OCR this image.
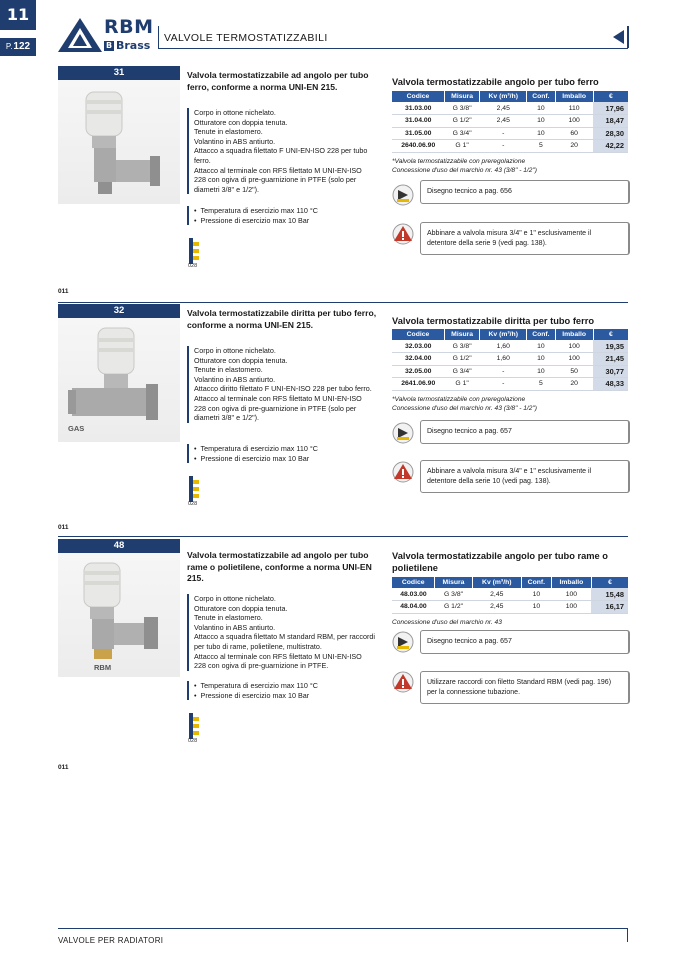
11
P.122
RBM
B Brass
VALVOLE TERMOSTATIZZABILI
31	Valvola termostatizzabile ad angolo per tubo ferro, conforme a norma UNI-EN 215.
Corpo in ottone nichelato.
Otturatore con doppia tenuta.
Tenute in elastomero.
Volantino in ABS antiurto.
Attacco a squadra filettato F UNI-EN-ISO 228 per tubo ferro.
Attacco al terminale con RFS filettato M UNI-EN-ISO 228 con ogiva di pre-guarnizione in PTFE (solo per diametri 3/8" e 1/2").
• Temperatura di esercizio max 110 °C
• Pressione di esercizio max 10 Bar
028
011
Valvola termostatizzabile angolo per tubo ferro
Codice	Misura	Kv (m³/h)	Conf.	Imballo	€
31.03.00	G 3/8"	2,45	10	110	17,96
31.04.00	G 1/2"	2,45	10	100	18,47
31.05.00	G 3/4"	-	10	60	28,30
2640.06.90	G 1"	-	5	20	42,22
*Valvola termostatizzabile con preregolazione
Concessione d'uso del marchio nr. 43 (3/8" - 1/2")
Disegno tecnico a pag. 656
Abbinare a valvola misura 3/4" e 1" esclusivamente il detentore della serie 9 (vedi pag. 138).
32
GAS
Valvola termostatizzabile diritta per tubo ferro, conforme a norma UNI-EN 215.
Corpo in ottone nichelato.
Otturatore con doppia tenuta.
Tenute in elastomero.
Volantino in ABS antiurto.
Attacco diritto filettato F UNI-EN-ISO 228 per tubo ferro.
Attacco al terminale con RFS filettato M UNI-EN-ISO 228 con ogiva di pre-guarnizione in PTFE (solo per diametri 3/8" e 1/2").
• Temperatura di esercizio max 110 °C
• Pressione di esercizio max 10 Bar
028
011
Valvola termostatizzabile diritta per tubo ferro
Codice	Misura	Kv (m³/h)	Conf.	Imballo	€
32.03.00	G 3/8"	1,60	10	100	19,35
32.04.00	G 1/2"	1,60	10	100	21,45
32.05.00	G 3/4"	-	10	50	30,77
2641.06.90	G 1"	-	5	20	48,33
*Valvola termostatizzabile con preregolazione
Concessione d'uso del marchio nr. 43 (3/8" - 1/2")
Disegno tecnico a pag. 657
Abbinare a valvola misura 3/4" e 1" esclusivamente il detentore della serie 10 (vedi pag. 138).
48
RBM
Valvola termostatizzabile ad angolo per tubo rame o polietilene, conforme a norma UNI-EN 215.
Corpo in ottone nichelato.
Otturatore con doppia tenuta.
Tenute in elastomero.
Volantino in ABS antiurto.
Attacco a squadra filettato M standard RBM, per raccordi per tubo di rame, polietilene, multistrato.
Attacco al terminale con RFS filettato M UNI-EN-ISO 228 con ogiva di pre-guarnizione in PTFE.
• Temperatura di esercizio max 110 °C
• Pressione di esercizio max 10 Bar
028
011
Valvola termostatizzabile angolo per tubo rame o polietilene
Codice	Misura	Kv (m³/h)	Conf.	Imballo	€
48.03.00	G 3/8"	2,45	10	100	15,48
48.04.00	G 1/2"	2,45	10	100	16,17
Concessione d'uso del marchio nr. 43
Disegno tecnico a pag. 657
Utilizzare raccordi con filetto Standard RBM (vedi pag. 196) per la connessione tubazione.
VALVOLE PER RADIATORI
